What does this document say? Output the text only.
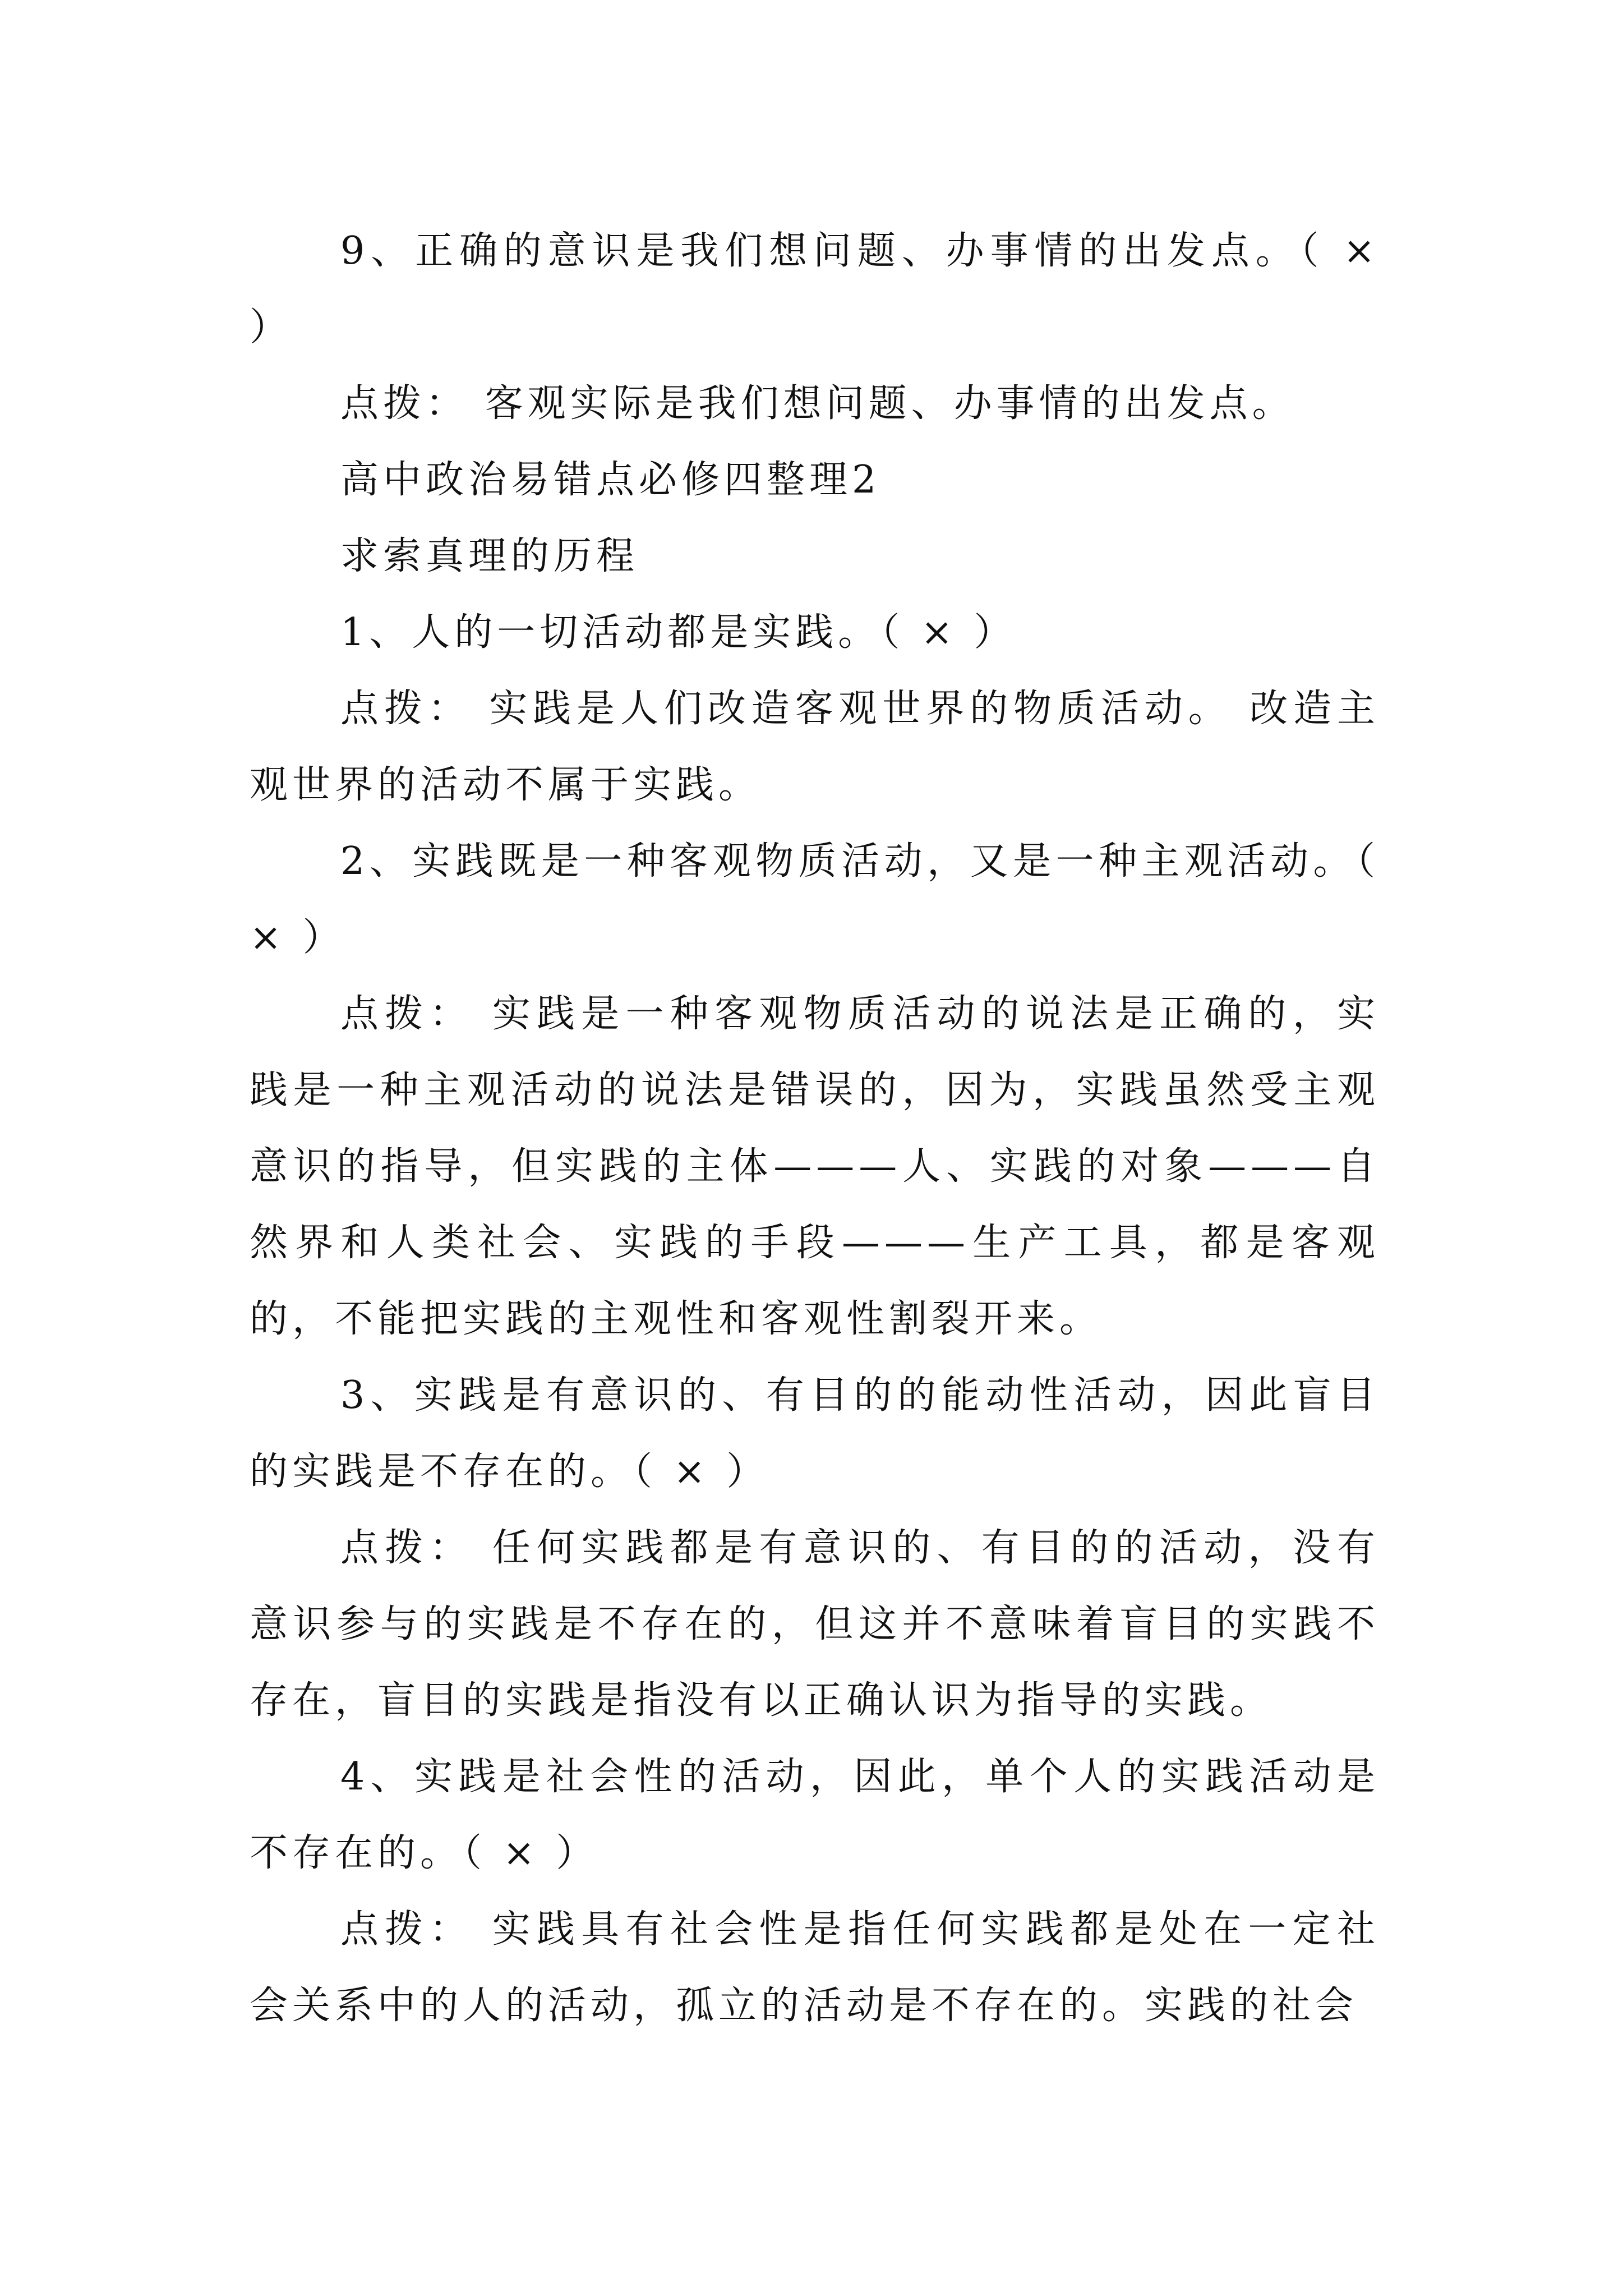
9、正确的意识是我们想问题、办事情的出发点。（ × ）

点拨： 客观实际是我们想问题、办事情的出发点。

高中政治易错点必修四整理2

求索真理的历程

1、人的一切活动都是实践。（ × ）

点拨： 实践是人们改造客观世界的物质活动。 改造主观世界的活动不属于实践。

2、实践既是一种客观物质活动，又是一种主观活动。（ × ）

点拨： 实践是一种客观物质活动的说法是正确的，实践是一种主观活动的说法是错误的，因为，实践虽然受主观意识的指导，但实践的主体———人、实践的对象———自然界和人类社会、实践的手段———生产工具，都是客观的，不能把实践的主观性和客观性割裂开来。

3、实践是有意识的、有目的的能动性活动，因此盲目的实践是不存在的。（ × ）

点拨： 任何实践都是有意识的、有目的的活动，没有意识参与的实践是不存在的，但这并不意味着盲目的实践不存在，盲目的实践是指没有以正确认识为指导的实践。

4、实践是社会性的活动，因此，单个人的实践活动是不存在的。（ × ）

点拨： 实践具有社会性是指任何实践都是处在一定社会关系中的人的活动，孤立的活动是不存在的。实践的社会
